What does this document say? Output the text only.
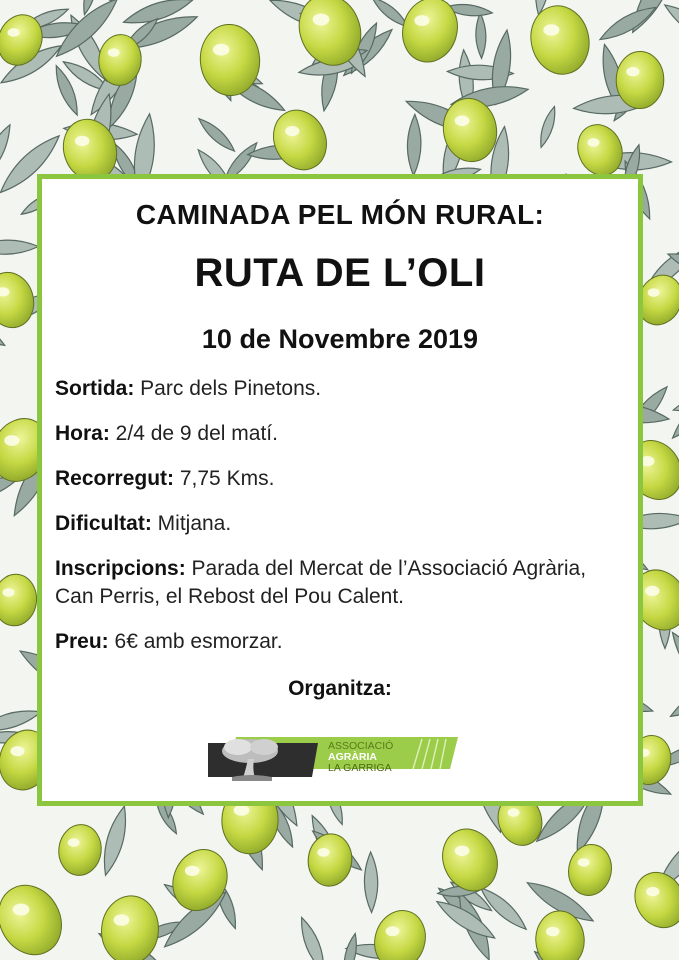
CAMINADA PEL MÓN RURAL:
RUTA DE L’OLI
10 de Novembre 2019
Sortida: Parc dels Pinetons.
Hora: 2/4 de 9 del matí.
Recorregut: 7,75 Kms.
Dificultat: Mitjana.
Inscripcions: Parada del Mercat de l’Associació Agrària, Can Perris, el Rebost del Pou Calent.
Preu: 6€ amb esmorzar.
Organitza:
ASSOCIACIÓ
AGRÀRIA
LA GARRIGA
